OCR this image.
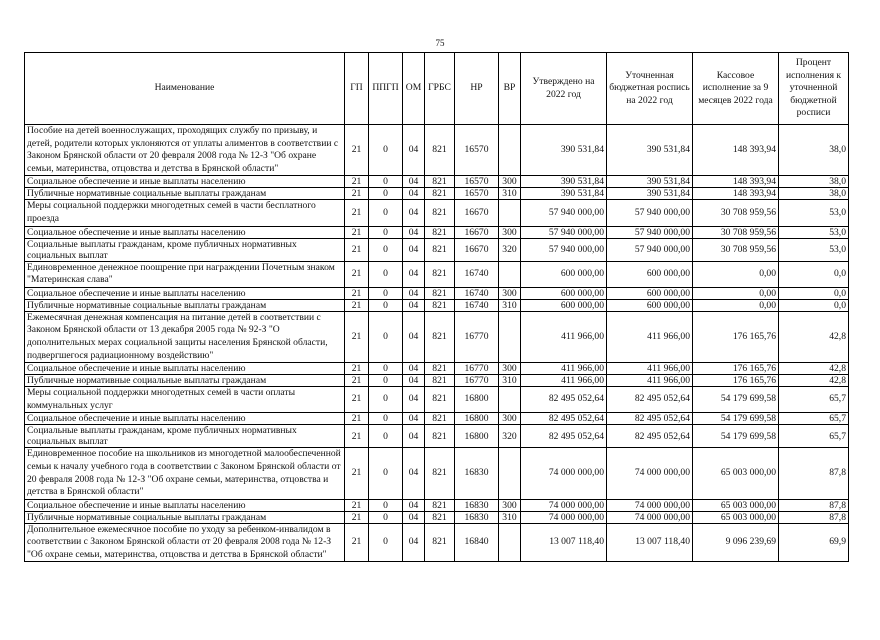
75
Наименование	ГП	ППГП	ОМ	ГРБС	НР	ВР	Утверждено на 2022 год	Уточненная бюджетная роспись на 2022 год	Кассовое исполнение за 9 месяцев 2022 года	Процент исполнения к уточненной бюджетной росписи
Пособие на детей военнослужащих, проходящих службу по призыву, и детей, родители которых уклоняются от уплаты алиментов в соответствии с Законом Брянской области от 20 февраля 2008 года № 12-З "Об охране семьи, материнства, отцовства и детства в Брянской области"	21	0	04	821	16570		390 531,84	390 531,84	148 393,94	38,0
Социальное обеспечение и иные выплаты населению	21	0	04	821	16570	300	390 531,84	390 531,84	148 393,94	38,0
Публичные нормативные социальные выплаты гражданам	21	0	04	821	16570	310	390 531,84	390 531,84	148 393,94	38,0
Меры социальной поддержки многодетных семей в части бесплатного проезда	21	0	04	821	16670		57 940 000,00	57 940 000,00	30 708 959,56	53,0
Социальное обеспечение и иные выплаты населению	21	0	04	821	16670	300	57 940 000,00	57 940 000,00	30 708 959,56	53,0
Социальные выплаты гражданам, кроме публичных нормативных социальных выплат	21	0	04	821	16670	320	57 940 000,00	57 940 000,00	30 708 959,56	53,0
Единовременное денежное поощрение при награждении Почетным знаком "Материнская слава"	21	0	04	821	16740		600 000,00	600 000,00	0,00	0,0
Социальное обеспечение и иные выплаты населению	21	0	04	821	16740	300	600 000,00	600 000,00	0,00	0,0
Публичные нормативные социальные выплаты гражданам	21	0	04	821	16740	310	600 000,00	600 000,00	0,00	0,0
Ежемесячная денежная компенсация на питание детей в соответствии с Законом Брянской области от 13 декабря 2005 года № 92-З "О дополнительных мерах социальной защиты населения Брянской области, подвергшегося радиационному воздействию"	21	0	04	821	16770		411 966,00	411 966,00	176 165,76	42,8
Социальное обеспечение и иные выплаты населению	21	0	04	821	16770	300	411 966,00	411 966,00	176 165,76	42,8
Публичные нормативные социальные выплаты гражданам	21	0	04	821	16770	310	411 966,00	411 966,00	176 165,76	42,8
Меры социальной поддержки многодетных семей в части оплаты коммунальных услуг	21	0	04	821	16800		82 495 052,64	82 495 052,64	54 179 699,58	65,7
Социальное обеспечение и иные выплаты населению	21	0	04	821	16800	300	82 495 052,64	82 495 052,64	54 179 699,58	65,7
Социальные выплаты гражданам, кроме публичных нормативных социальных выплат	21	0	04	821	16800	320	82 495 052,64	82 495 052,64	54 179 699,58	65,7
Единовременное пособие на школьников из многодетной малообеспеченной семьи к началу учебного года в соответствии с Законом Брянской области от 20 февраля 2008 года № 12-З "Об охране семьи, материнства, отцовства и детства в Брянской области"	21	0	04	821	16830		74 000 000,00	74 000 000,00	65 003 000,00	87,8
Социальное обеспечение и иные выплаты населению	21	0	04	821	16830	300	74 000 000,00	74 000 000,00	65 003 000,00	87,8
Публичные нормативные социальные выплаты гражданам	21	0	04	821	16830	310	74 000 000,00	74 000 000,00	65 003 000,00	87,8
Дополнительное ежемесячное пособие по уходу за ребенком-инвалидом в соответствии с Законом Брянской области от 20 февраля 2008 года № 12-З "Об охране семьи, материнства, отцовства и детства в Брянской области"	21	0	04	821	16840		13 007 118,40	13 007 118,40	9 096 239,69	69,9
